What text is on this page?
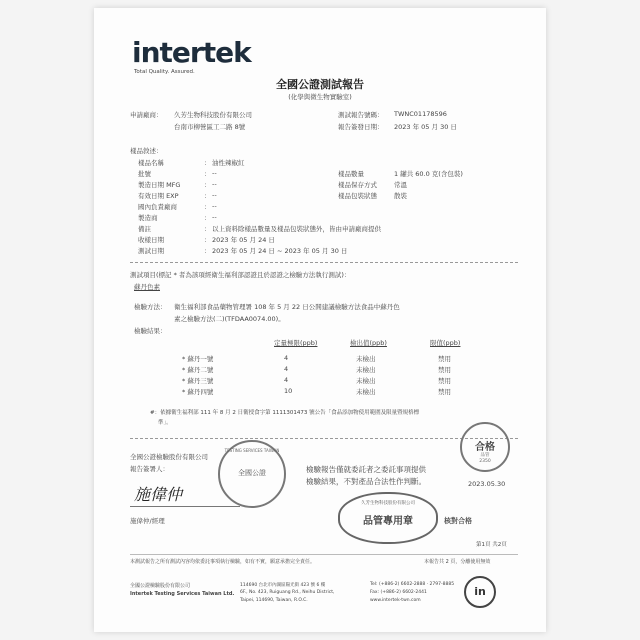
intertek
Total Quality. Assured.
全國公證測試報告
(化學與微生物實驗室)
申請廠商： 久芳生物科技股份有限公司
台南市柳營區工二路 8號
測試報告號碼： TWNC01178596
報告簽發日期： 2023 年 05 月 30 日
樣品敘述：
樣品名稱	： 油性辣椒紅
批號	： --
製造日期 MFG	： --
有效日期 EXP	： --
國內負責廠商	： --
製造商	： --
備註	： 以上資料除樣品數量及樣品包裝狀態外，皆由申請廠商提供
收樣日期	： 2023 年 05 月 24 日
測試日期	： 2023 年 05 月 24 日 ~ 2023 年 05 月 30 日
樣品數量	1 罐共 60.0 克(含包裝)
樣品保存方式	常溫
樣品包裝狀態	散裝
測試項目(標記 * 者為該項經衛生福利部認證且於認證之檢驗方法執行測試)：
蘇丹色素
檢驗方法： 衛生福利部食品藥物管理署 108 年 5 月 22 日公開建議檢驗方法食品中蘇丹色
素之檢驗方法(二)(TFDAA0074.00)。
檢驗結果：
定量極限(ppb)	檢出值(ppb)	限值(ppb)
* 蘇丹一號	4	未檢出	禁用
* 蘇丹二號	4	未檢出	禁用
* 蘇丹三號	4	未檢出	禁用
* 蘇丹四號	10	未檢出	禁用
#：依據衛生福利部 111 年 8 月 2 日衛授食字第 1111301473 號公告「食品添加物使用範圍及限量暨規格標
準」。
全國公證檢驗股份有限公司
報告簽署人：
施偉仲
施偉仲/經理
全國公證
TESTING SERVICES TAIWAN	合格
品管
2350
檢驗報告僅就委託者之委託事項提供
檢驗結果，不對產品合法性作判斷。	2023.05.30
久芳生物科技股份有限公司
品管專用章	核對合格
第1頁 共2頁
本測試報告之所有測試內容均依委託事項執行檢驗，如有不實，願意承擔完全責任。	本報告共 2 頁，分離使用無效
全國公證檢驗股份有限公司
Intertek Testing Services Taiwan Ltd.
114690 台北市內湖區陽光街 423 號 6 樓
6F., No. 423, Ruiguang Rd., Neihu District,
Taipei, 114690, Taiwan, R.O.C.
Tel: (+886-2) 6602-2888 · 2797-8885
Fax: (+886-2) 6602-2441
www.intertek-twn.com
in
